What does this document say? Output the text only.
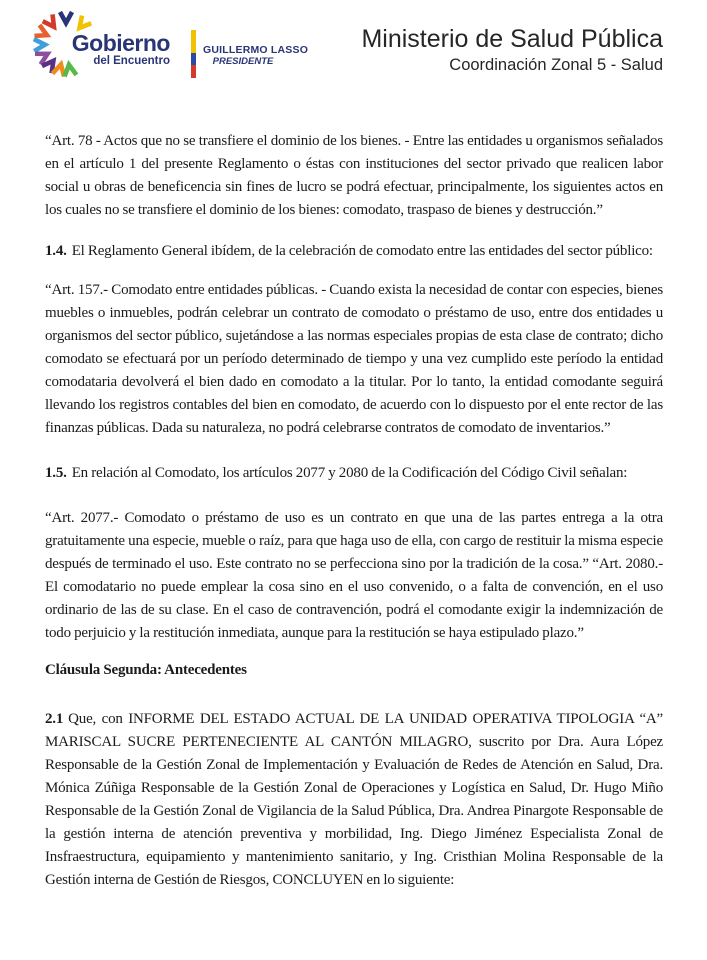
Gobierno
del Encuentro
GUILLERMO LASSO
PRESIDENTE
Ministerio de Salud Pública
Coordinación Zonal 5 - Salud

“Art. 78 - Actos que no se transfiere el dominio de los bienes. - Entre las entidades u organismos señalados en el artículo 1 del presente Reglamento o éstas con instituciones del sector privado que realicen labor social u obras de beneficencia sin fines de lucro se podrá efectuar, principalmente, los siguientes actos en los cuales no se transfiere el dominio de los bienes: comodato, traspaso de bienes y destrucción.”

1.4. El Reglamento General ibídem, de la celebración de comodato entre las entidades del sector público:

“Art. 157.- Comodato entre entidades públicas. - Cuando exista la necesidad de contar con especies, bienes muebles o inmuebles, podrán celebrar un contrato de comodato o préstamo de uso, entre dos entidades u organismos del sector público, sujetándose a las normas especiales propias de esta clase de contrato; dicho comodato se efectuará por un período determinado de tiempo y una vez cumplido este período la entidad comodataria devolverá el bien dado en comodato a la titular. Por lo tanto, la entidad comodante seguirá llevando los registros contables del bien en comodato, de acuerdo con lo dispuesto por el ente rector de las finanzas públicas. Dada su naturaleza, no podrá celebrarse contratos de comodato de inventarios.”

1.5. En relación al Comodato, los artículos 2077 y 2080 de la Codificación del Código Civil señalan:

“Art. 2077.- Comodato o préstamo de uso es un contrato en que una de las partes entrega a la otra gratuitamente una especie, mueble o raíz, para que haga uso de ella, con cargo de restituir la misma especie después de terminado el uso. Este contrato no se perfecciona sino por la tradición de la cosa.” “Art. 2080.- El comodatario no puede emplear la cosa sino en el uso convenido, o a falta de convención, en el uso ordinario de las de su clase. En el caso de contravención, podrá el comodante exigir la indemnización de todo perjuicio y la restitución inmediata, aunque para la restitución se haya estipulado plazo.”

Cláusula Segunda: Antecedentes

2.1 Que, con INFORME DEL ESTADO ACTUAL DE LA UNIDAD OPERATIVA TIPOLOGIA “A” MARISCAL SUCRE PERTENECIENTE AL CANTÓN MILAGRO, suscrito por Dra. Aura López Responsable de la Gestión Zonal de Implementación y Evaluación de Redes de Atención en Salud, Dra. Mónica Zúñiga Responsable de la Gestión Zonal de Operaciones y Logística en Salud, Dr. Hugo Miño Responsable de la Gestión Zonal de Vigilancia de la Salud Pública, Dra. Andrea Pinargote Responsable de la gestión interna de atención preventiva y morbilidad, Ing. Diego Jiménez Especialista Zonal de Insfraestructura, equipamiento y mantenimiento sanitario, y Ing. Cristhian Molina Responsable de la Gestión interna de Gestión de Riesgos, CONCLUYEN en lo siguiente:
